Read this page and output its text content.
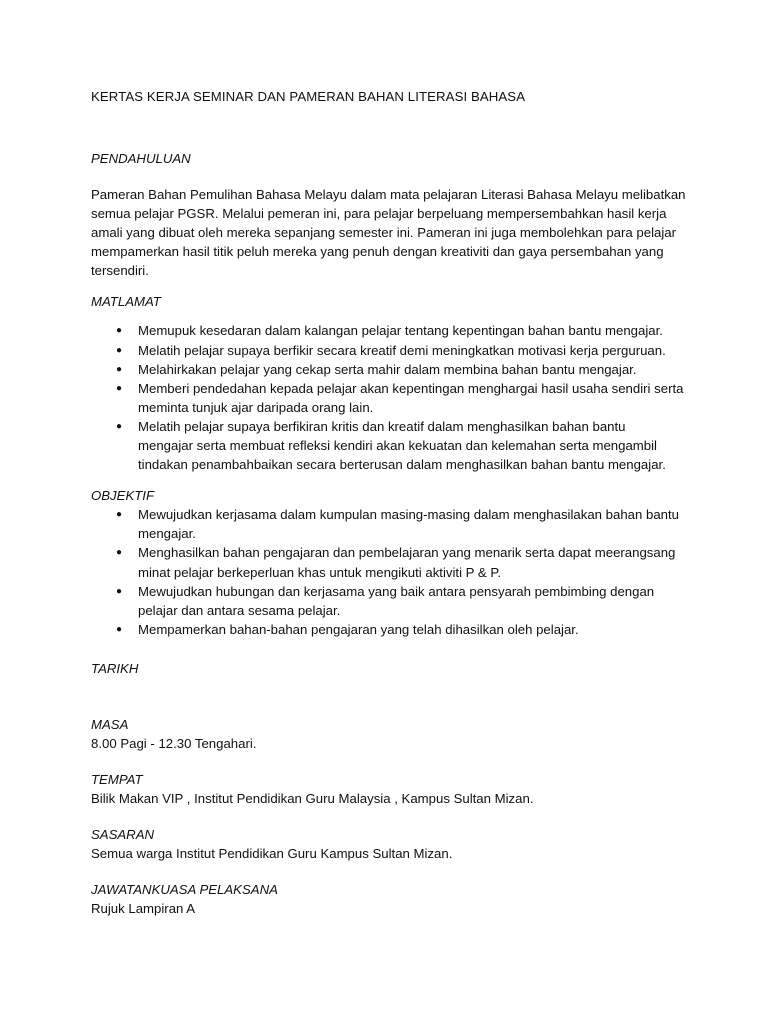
KERTAS KERJA SEMINAR DAN PAMERAN BAHAN LITERASI BAHASA

PENDAHULUAN

Pameran Bahan Pemulihan Bahasa Melayu dalam mata pelajaran Literasi Bahasa Melayu melibatkan
semua pelajar PGSR. Melalui pemeran ini, para pelajar berpeluang mempersembahkan hasil kerja
amali yang dibuat oleh mereka sepanjang semester ini. Pameran ini juga membolehkan para pelajar
mempamerkan hasil titik peluh mereka yang penuh dengan kreativiti dan gaya persembahan yang
tersendiri.

MATLAMAT

● Memupuk kesedaran dalam kalangan pelajar tentang kepentingan bahan bantu mengajar.
● Melatih pelajar supaya berfikir secara kreatif demi meningkatkan motivasi kerja perguruan.
● Melahirkakan pelajar yang cekap serta mahir dalam membina bahan bantu mengajar.
● Memberi pendedahan kepada pelajar akan kepentingan menghargai hasil usaha sendiri serta
meminta tunjuk ajar daripada orang lain.
● Melatih pelajar supaya berfikiran kritis dan kreatif dalam menghasilkan bahan bantu
mengajar serta membuat refleksi kendiri akan kekuatan dan kelemahan serta mengambil
tindakan penambahbaikan secara berterusan dalam menghasilkan bahan bantu mengajar.

OBJEKTIF

● Mewujudkan kerjasama dalam kumpulan masing-masing dalam menghasilakan bahan bantu
mengajar.
● Menghasilkan bahan pengajaran dan pembelajaran yang menarik serta dapat meerangsang
minat pelajar berkeperluan khas untuk mengikuti aktiviti P & P.
● Mewujudkan hubungan dan kerjasama yang baik antara pensyarah pembimbing dengan
pelajar dan antara sesama pelajar.
● Mempamerkan bahan-bahan pengajaran yang telah dihasilkan oleh pelajar.

TARIKH

MASA

8.00 Pagi - 12.30 Tengahari.

TEMPAT

Bilik Makan VIP , Institut Pendidikan Guru Malaysia , Kampus Sultan Mizan.

SASARAN

Semua warga Institut Pendidikan Guru Kampus Sultan Mizan.

JAWATANKUASA PELAKSANA

Rujuk Lampiran A
